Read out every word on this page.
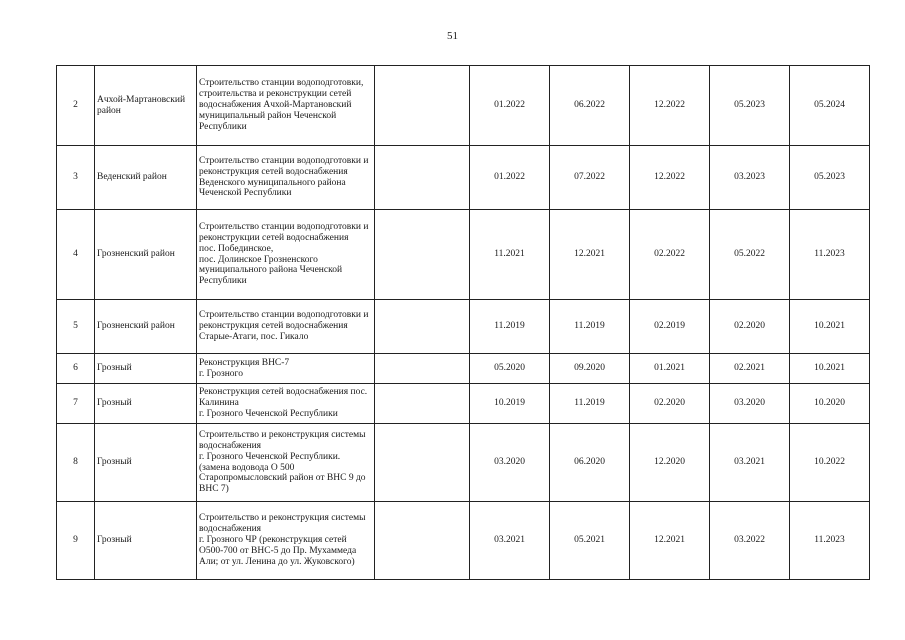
51
2	Ачхой-Мартановский район	Строительство станции водоподготовки, строительства и реконструкции сетей водоснабжения Ачхой-Мартановский муниципальный район Чеченской Республики		01.2022	06.2022	12.2022	05.2023	05.2024
3	Веденский район	Строительство станции водоподготовки и реконструкция сетей водоснабжения Веденского муниципального района Чеченской Республики		01.2022	07.2022	12.2022	03.2023	05.2023
4	Грозненский район	Строительство станции водоподготовки и реконструкции сетей водоснабжения
пос. Побединское,
пос. Долинское Грозненского муниципального района Чеченской Республики		11.2021	12.2021	02.2022	05.2022	11.2023
5	Грозненский район	Строительство станции водоподготовки и реконструкция сетей водоснабжения Старые-Атаги, пос. Гикало		11.2019	11.2019	02.2019	02.2020	10.2021
6	Грозный	Реконструкция ВНС-7
г. Грозного		05.2020	09.2020	01.2021	02.2021	10.2021
7	Грозный	Реконструкция сетей водоснабжения пос. Калинина
г. Грозного Чеченской Республики		10.2019	11.2019	02.2020	03.2020	10.2020
8	Грозный	Строительство и реконструкция системы водоснабжения
г. Грозного Чеченской Республики. (замена водовода О 500 Старопромысловский район от ВНС 9 до ВНС 7)		03.2020	06.2020	12.2020	03.2021	10.2022
9	Грозный	Строительство и реконструкция системы водоснабжения
г. Грозного ЧР (реконструкция сетей О500-700 от ВНС-5 до Пр. Мухаммеда Али; от ул. Ленина до ул. Жуковского)		03.2021	05.2021	12.2021	03.2022	11.2023
